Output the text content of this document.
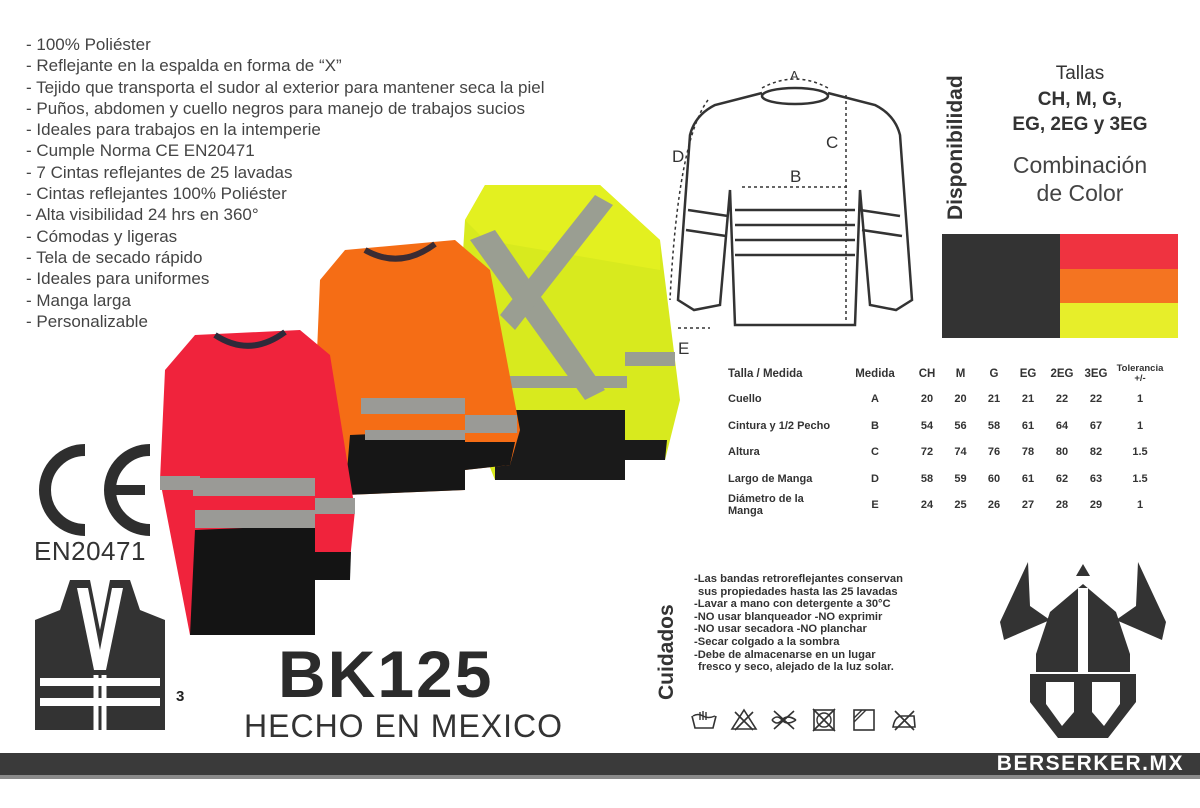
- 100% Poliéster
- Reflejante en la espalda en forma de “X”
- Tejido que transporta el sudor al exterior para mantener seca la piel
- Puños, abdomen y cuello negros para manejo de trabajos sucios
- Ideales para trabajos en la intemperie
- Cumple Norma CE EN20471
- 7 Cintas reflejantes de 25 lavadas
- Cintas reflejantes 100% Poliéster
- Alta visibilidad 24 hrs en 360°
- Cómodas y ligeras
- Tela de secado rápido
- Ideales para uniformes
- Manga larga
- Personalizable
EN20471
3 BK125
HECHO EN MEXICO
A
B
C
D
E
Disponibilidad
Tallas
CH, M, G,
EG, 2EG y 3EG
Combinación
de Color
Talla / Medida	Medida	CH	M	G	EG	2EG	3EG	Tolerancia
+/-
Cuello	A	20	20	21	21	22	22	1
Cintura y 1/2 Pecho	B	54	56	58	61	64	67	1
Altura	C	72	74	76	78	80	82	1.5
Largo de Manga	D	58	59	60	61	62	63	1.5
Diámetro de la Manga	E	24	25	26	27	28	29	1
Cuidados
-Las bandas retroreflejantes conservan
sus propiedades hasta las 25 lavadas
-Lavar a mano con detergente a 30°C
-NO usar blanqueador -NO exprimir
-NO usar secadora -NO planchar
-Secar colgado a la sombra
-Debe de almacenarse en un lugar
fresco y seco, alejado de la luz solar.
BERSERKER.MX
